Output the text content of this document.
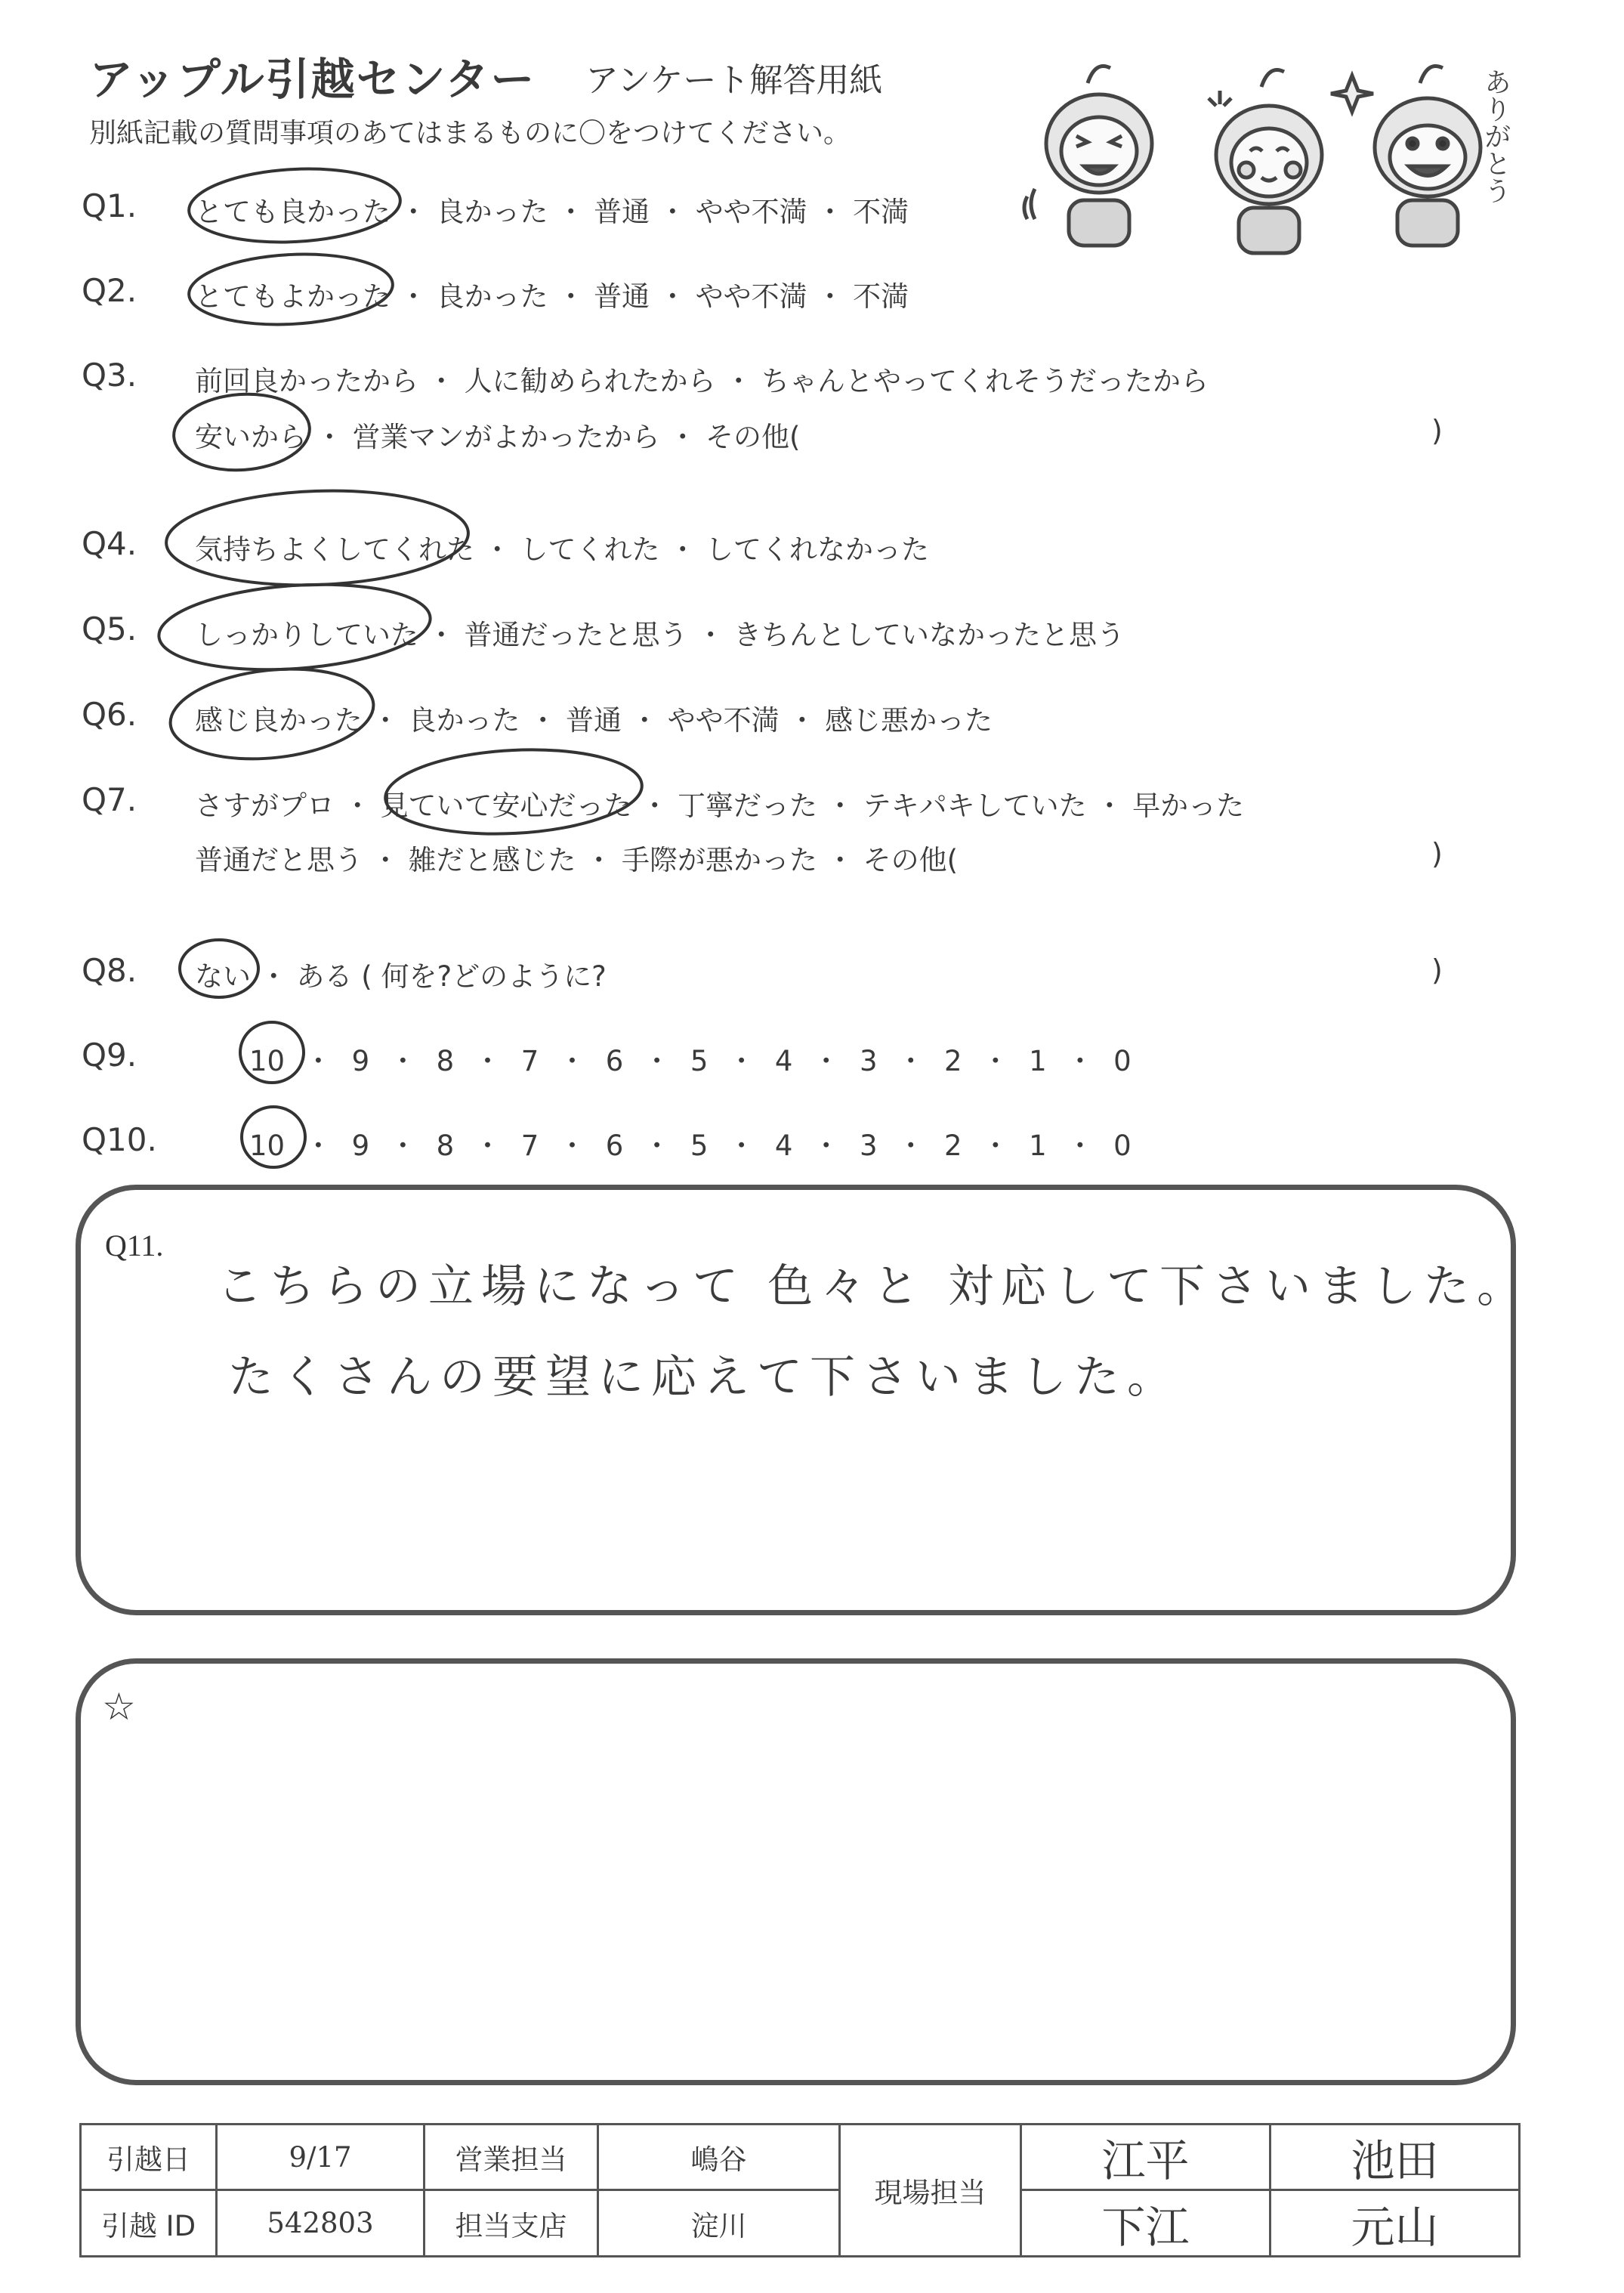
アップル引越センター アンケート解答用紙
別紙記載の質問事項のあてはまるものに〇をつけてください。	ありがとう
Q1. とても良かった ・ 良かった ・ 普通 ・ やや不満 ・ 不満
Q2. とてもよかった ・ 良かった ・ 普通 ・ やや不満 ・ 不満
Q3. 前回良かったから ・ 人に勧められたから ・ ちゃんとやってくれそうだったから
安いから ・ 営業マンがよかったから ・ その他(	)
Q4. 気持ちよくしてくれた ・ してくれた ・ してくれなかった
Q5. しっかりしていた ・ 普通だったと思う ・ きちんとしていなかったと思う
Q6. 感じ良かった ・ 良かった ・ 普通 ・ やや不満 ・ 感じ悪かった
Q7. さすがプロ ・ 見ていて安心だった ・ 丁寧だった ・ テキパキしていた ・ 早かった
普通だと思う ・ 雑だと感じた ・ 手際が悪かった ・ その他(	)
Q8. ない ・ ある ( 何を?どのように?	)
Q9.	10 ・ 9 ・ 8 ・ 7 ・ 6 ・ 5 ・ 4 ・ 3 ・ 2 ・ 1 ・ 0
Q10.	10 ・ 9 ・ 8 ・ 7 ・ 6 ・ 5 ・ 4 ・ 3 ・ 2 ・ 1 ・ 0
Q11.
こちらの立場になって 色々と 対応して下さいました。
たくさんの要望に応えて下さいました。
☆
引越日	9/17	営業担当	嶋谷	現場担当	江平	池田
引越 ID	542803	担当支店	淀川		下江	元山
